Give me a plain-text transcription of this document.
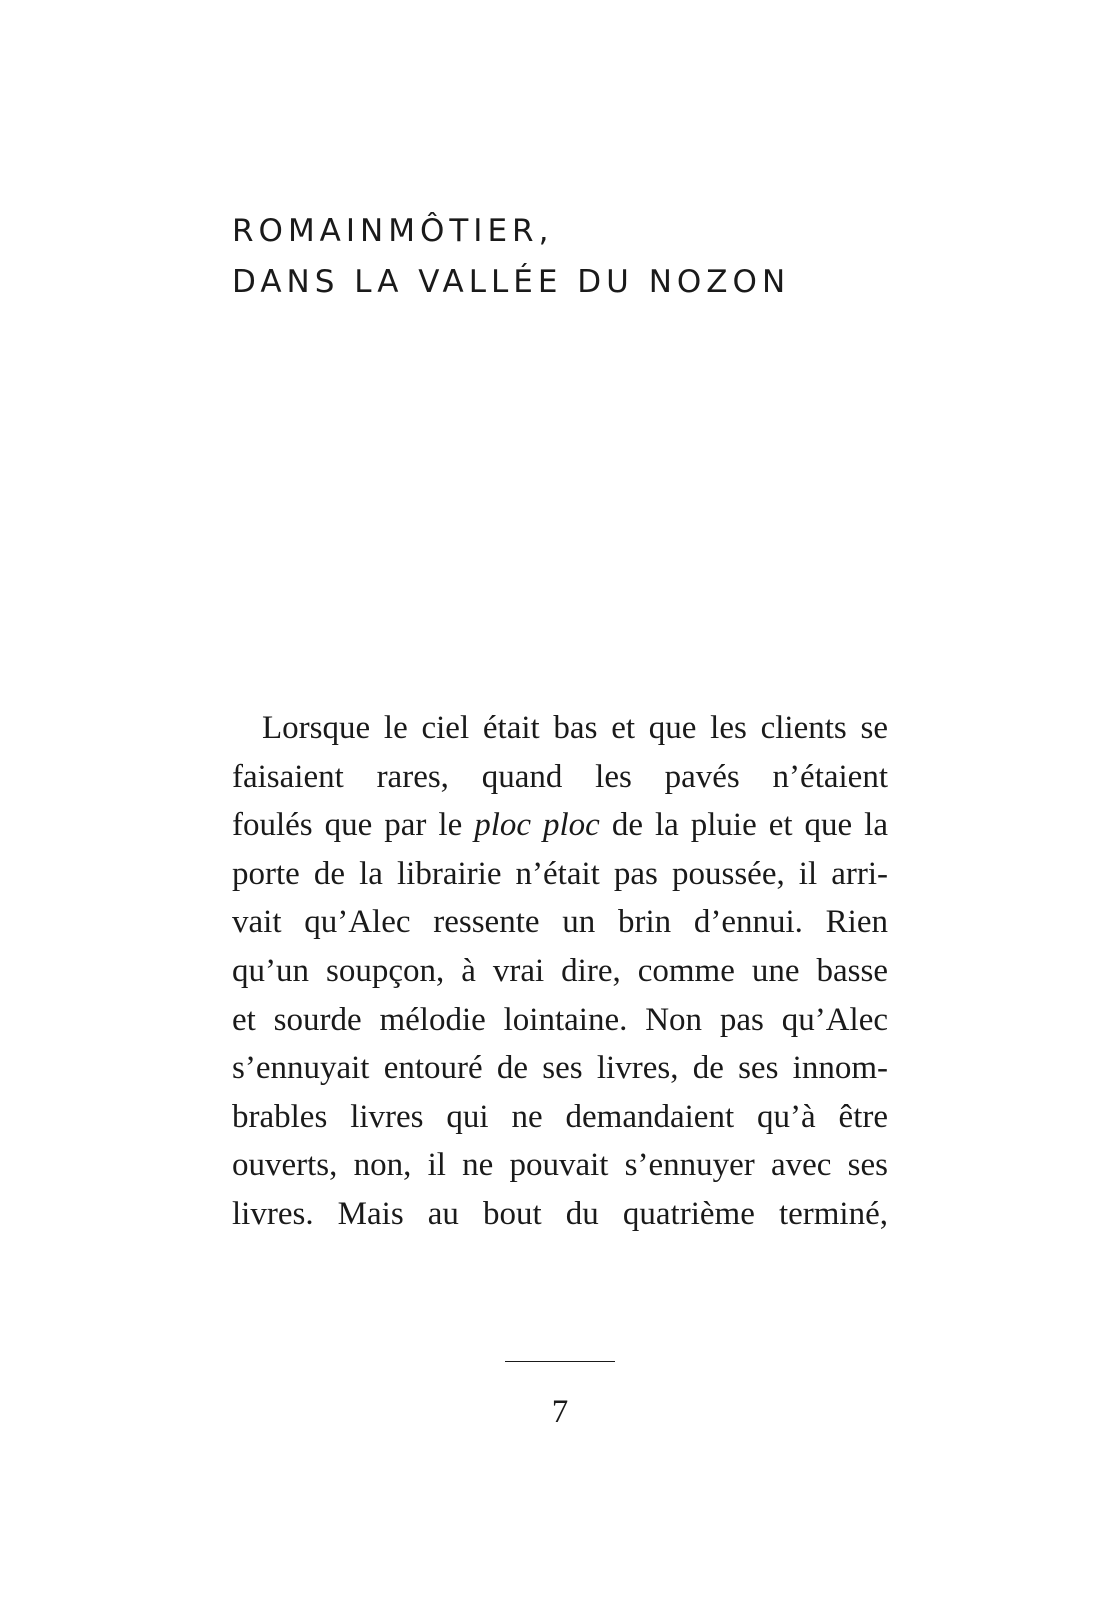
ROMAINMÔTIER,
DANS LA VALLÉE DU NOZON
Lorsque le ciel était bas et que les clients se
faisaient rares, quand les pavés n’étaient
foulés que par le ploc ploc de la pluie et que la
porte de la librairie n’était pas poussée, il arri-
vait qu’Alec ressente un brin d’ennui. Rien
qu’un soupçon, à vrai dire, comme une basse
et sourde mélodie lointaine. Non pas qu’Alec
s’ennuyait entouré de ses livres, de ses innom-
brables livres qui ne demandaient qu’à être
ouverts, non, il ne pouvait s’ennuyer avec ses
livres. Mais au bout du quatrième terminé,
7
